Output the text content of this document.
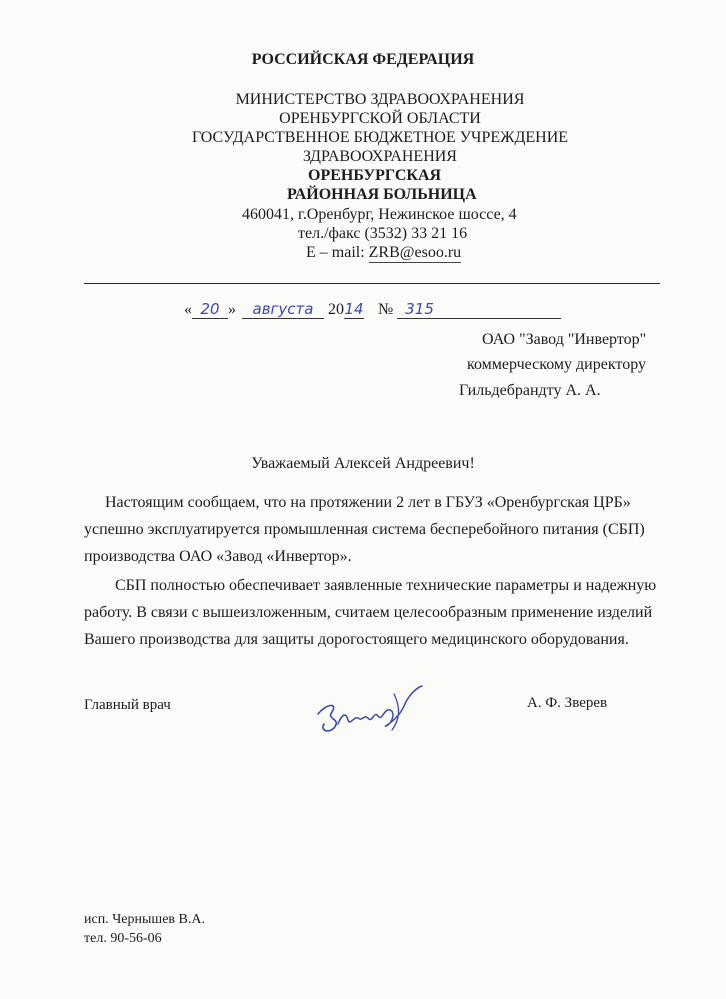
РОССИЙСКАЯ ФЕДЕРАЦИЯ
МИНИСТЕРСТВО ЗДРАВООХРАНЕНИЯ
ОРЕНБУРГСКОЙ ОБЛАСТИ
ГОСУДАРСТВЕННОЕ БЮДЖЕТНОЕ УЧРЕЖДЕНИЕ
ЗДРАВООХРАНЕНИЯ
ОРЕНБУРГСКАЯ
РАЙОННАЯ БОЛЬНИЦА
460041, г.Оренбург, Нежинское шоссе, 4
тел./факс (3532) 33 21 16
E – mail: ZRB@esoo.ru
« 20 » августа 2014 № 315
ОАО "Завод "Инвертор"
коммерческому директору
Гильдебрандту А. А.
Уважаемый Алексей Андреевич!
Настоящим сообщаем, что на протяжении 2 лет в ГБУЗ «Оренбургская ЦРБ»
успешно эксплуатируется промышленная система бесперебойного питания (СБП)
производства ОАО «Завод «Инвертор».
СБП полностью обеспечивает заявленные технические параметры и надежную
работу. В связи с вышеизложенным, считаем целесообразным применение изделий
Вашего производства для защиты дорогостоящего медицинского оборудования.
Главный врач	А. Ф. Зверев
исп. Чернышев В.А.
тел. 90-56-06
